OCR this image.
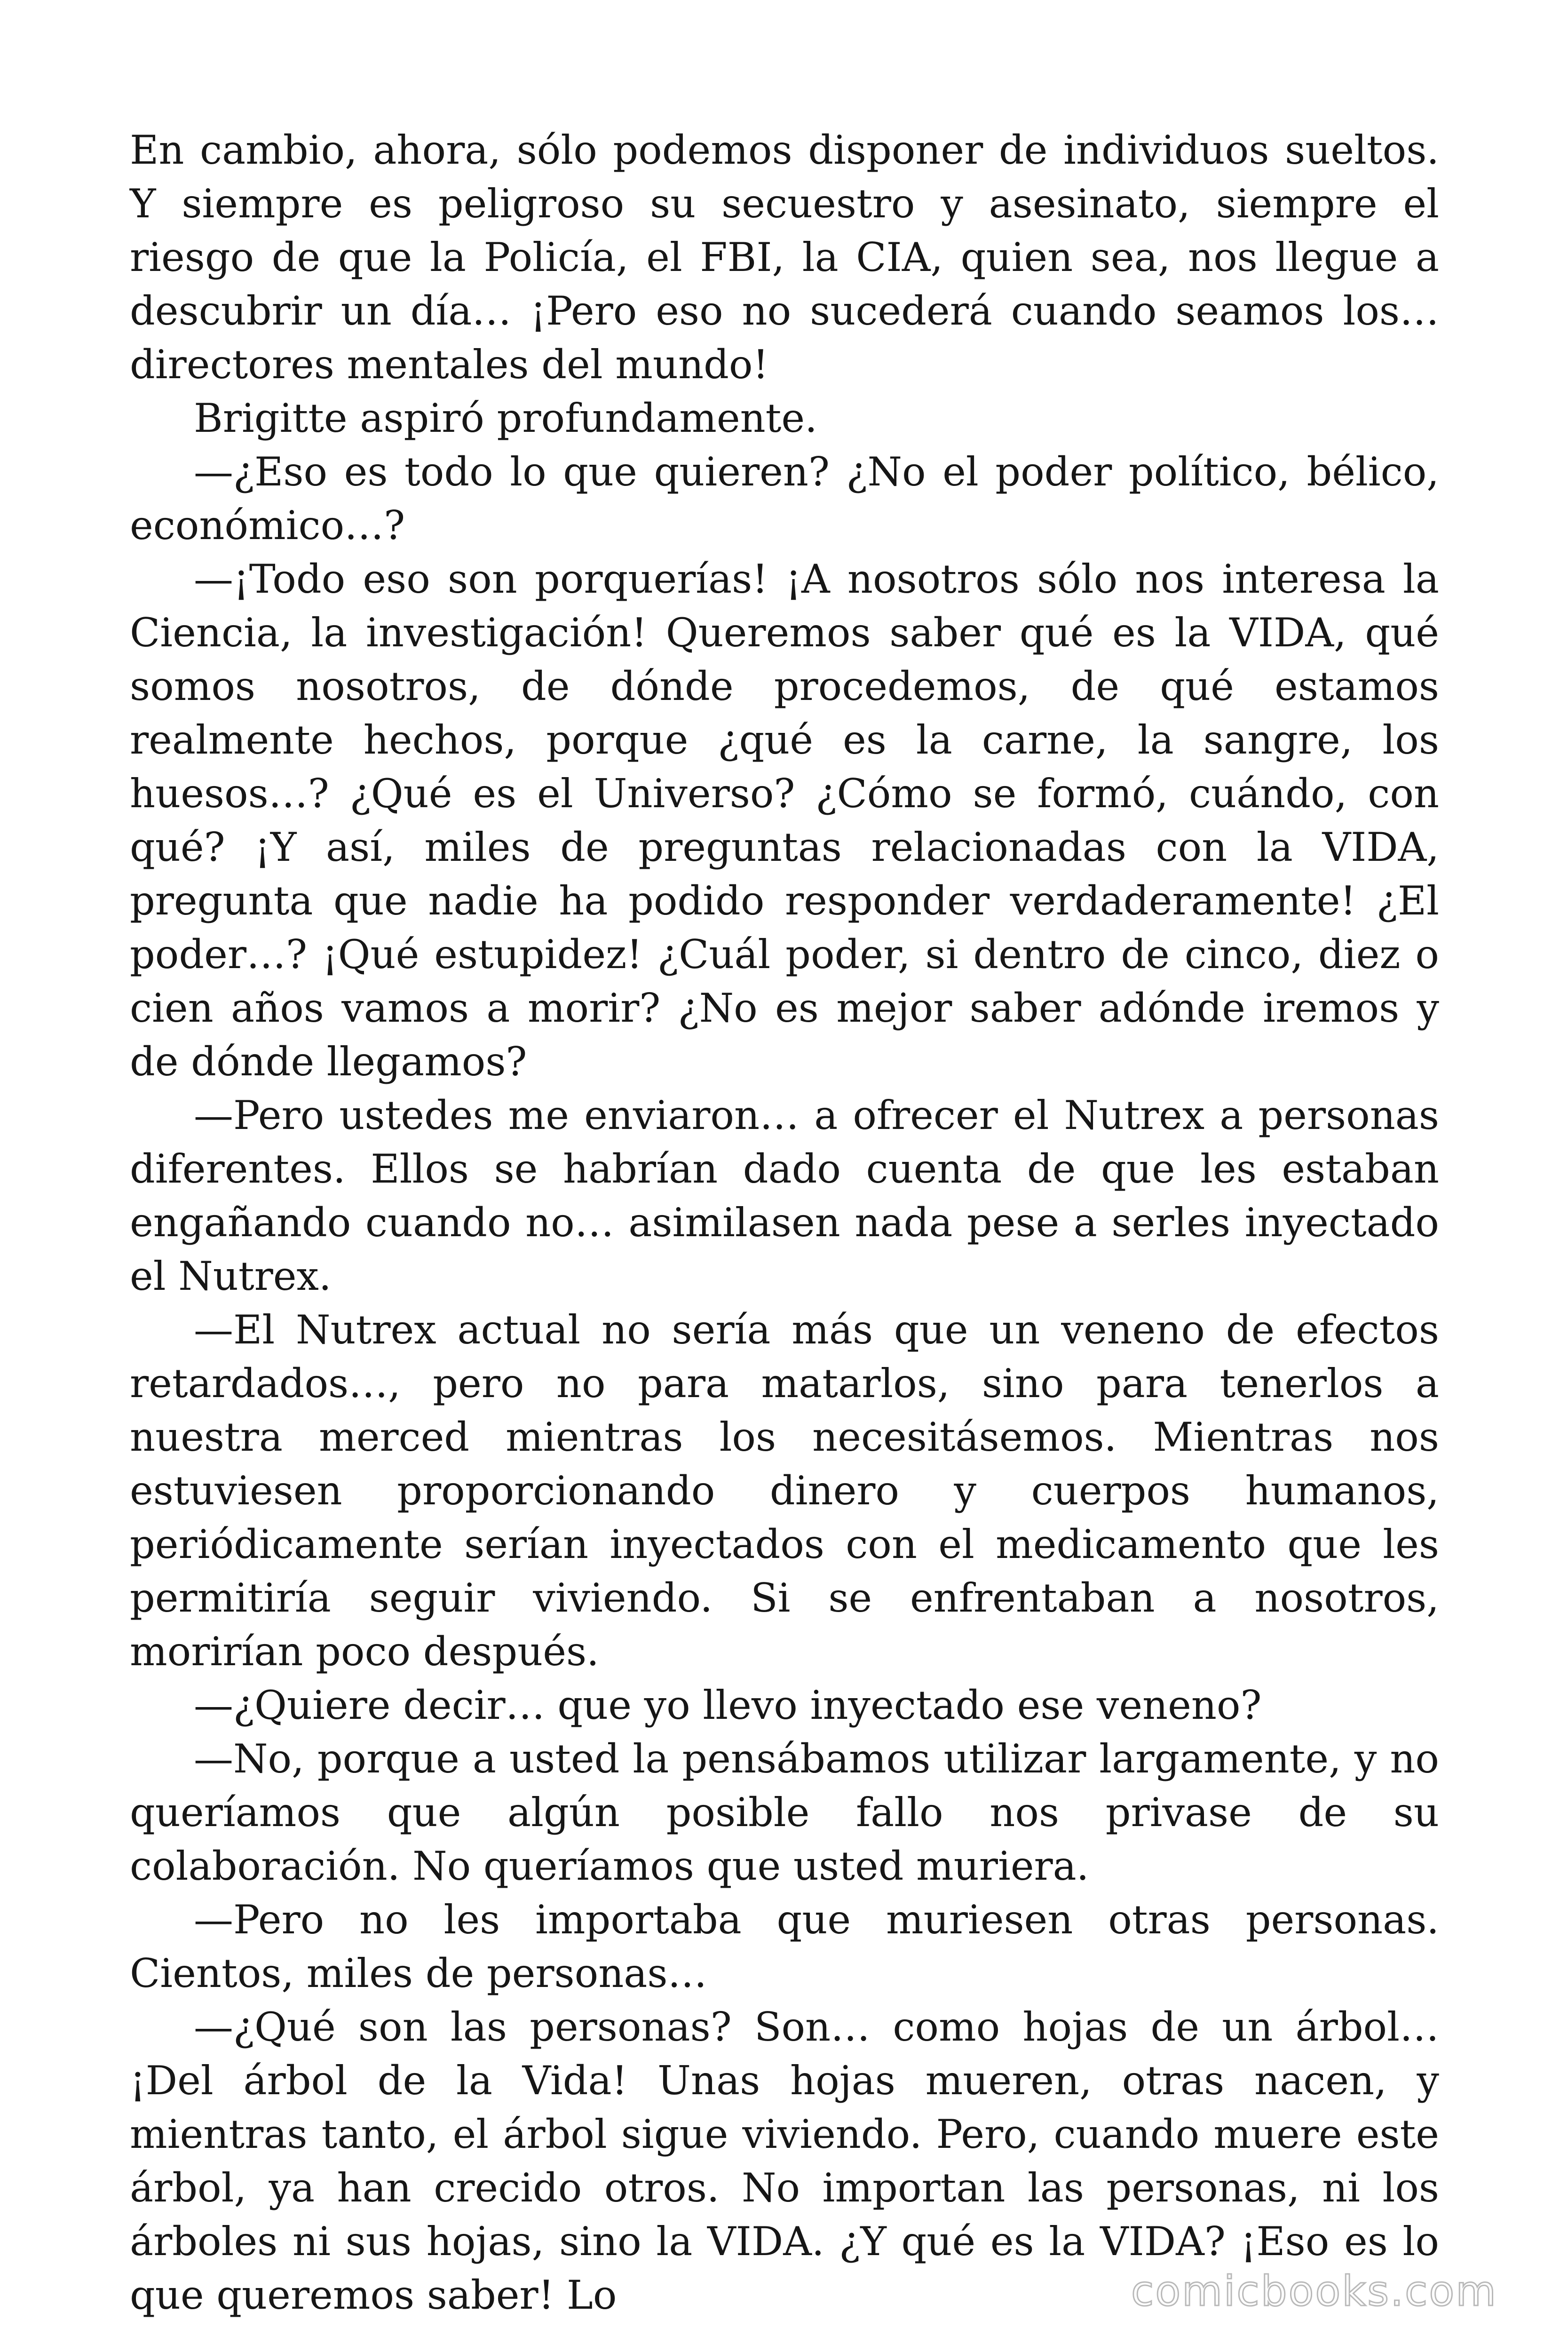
En cambio, ahora, sólo podemos disponer de individuos sueltos. Y siempre es peligroso su secuestro y asesinato, siempre el riesgo de que la Policía, el FBI, la CIA, quien sea, nos llegue a descubrir un día… ¡Pero eso no sucederá cuando seamos los… directores mentales del mundo!

Brigitte aspiró profundamente.

—¿Eso es todo lo que quieren? ¿No el poder político, bélico, económico…?

—¡Todo eso son porquerías! ¡A nosotros sólo nos interesa la Ciencia, la investigación! Queremos saber qué es la VIDA, qué somos nosotros, de dónde procedemos, de qué estamos realmente hechos, porque ¿qué es la carne, la sangre, los huesos…? ¿Qué es el Universo? ¿Cómo se formó, cuándo, con qué? ¡Y así, miles de preguntas relacionadas con la VIDA, pregunta que nadie ha podido responder verdaderamente! ¿El poder…? ¡Qué estupidez! ¿Cuál poder, si dentro de cinco, diez o cien años vamos a morir? ¿No es mejor saber adónde iremos y de dónde llegamos?

—Pero ustedes me enviaron… a ofrecer el Nutrex a personas diferentes. Ellos se habrían dado cuenta de que les estaban engañando cuando no… asimilasen nada pese a serles inyectado el Nutrex.

—El Nutrex actual no sería más que un veneno de efectos retardados…, pero no para matarlos, sino para tenerlos a nuestra merced mientras los necesitásemos. Mientras nos estuviesen proporcionando dinero y cuerpos humanos, periódicamente serían inyectados con el medicamento que les permitiría seguir viviendo. Si se enfrentaban a nosotros, morirían poco después.

—¿Quiere decir… que yo llevo inyectado ese veneno?

—No, porque a usted la pensábamos utilizar largamente, y no queríamos que algún posible fallo nos privase de su colaboración. No queríamos que usted muriera.

—Pero no les importaba que muriesen otras personas. Cientos, miles de personas…

—¿Qué son las personas? Son… como hojas de un árbol… ¡Del árbol de la Vida! Unas hojas mueren, otras nacen, y mientras tanto, el árbol sigue viviendo. Pero, cuando muere este árbol, ya han crecido otros. No importan las personas, ni los árboles ni sus hojas, sino la VIDA. ¿Y qué es la VIDA? ¡Eso es lo que queremos saber! Lo	comicbooks.com
